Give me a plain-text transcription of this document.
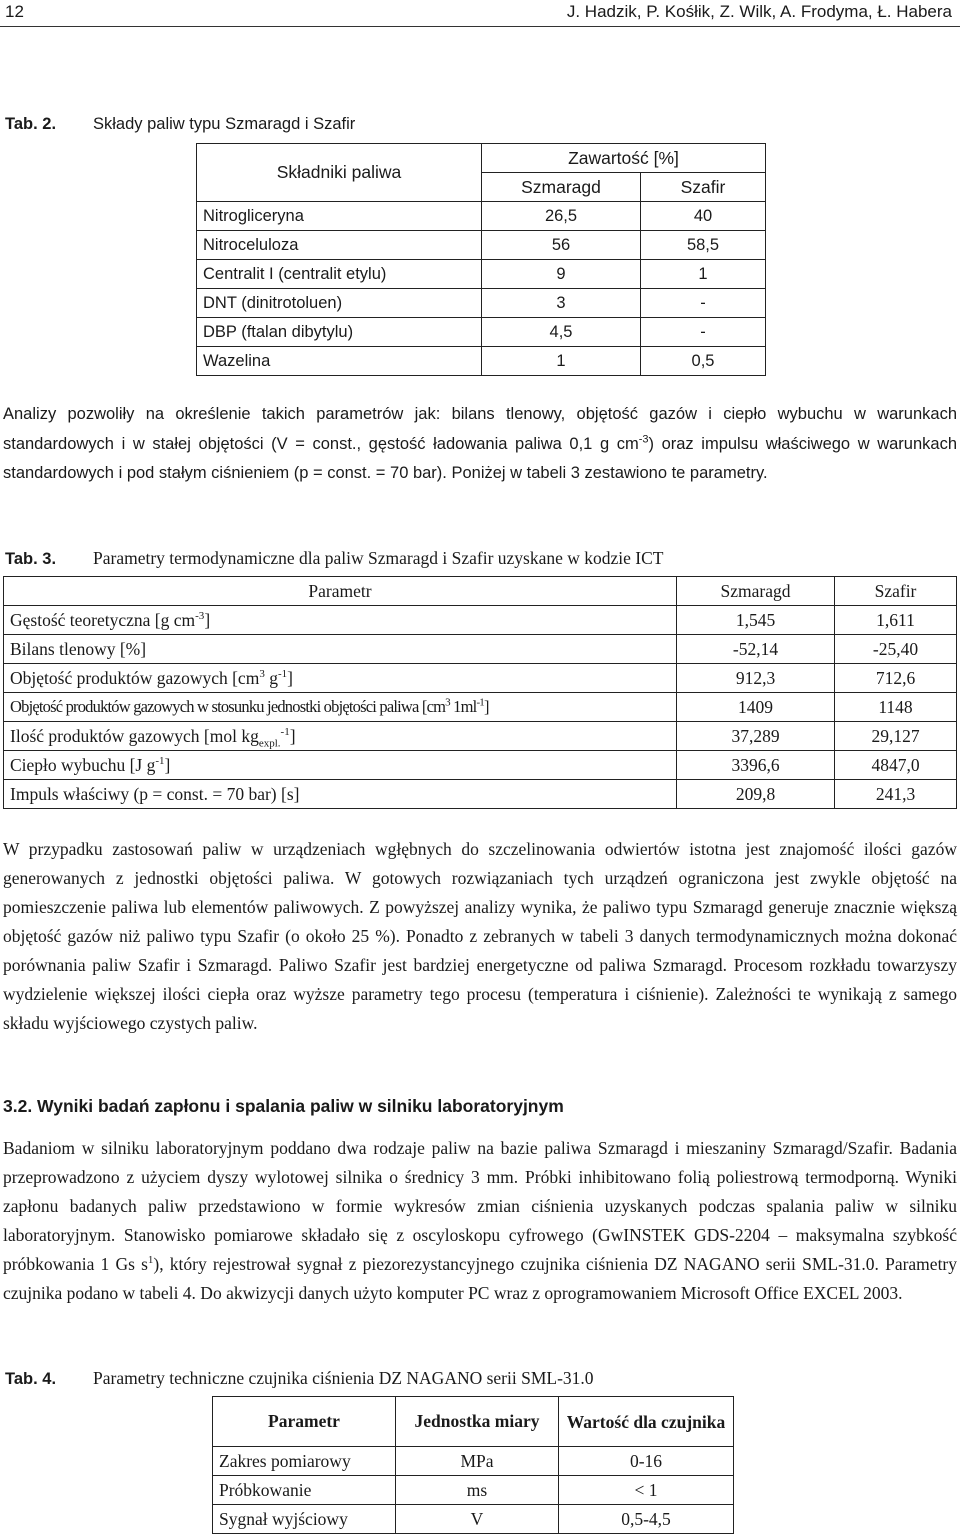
12	J. Hadzik, P. Kośłik, Z. Wilk, A. Frodyma, Ł. Habera
Tab. 2. Składy paliw typu Szmaragd i Szafir
Składniki paliwa	Zawartość [%]	
	Szmaragd	Szafir
Nitrogliceryna	26,5	40
Nitroceluloza	56	58,5
Centralit I (centralit etylu)	9	1
DNT (dinitrotoluen)	3	-
DBP (ftalan dibytylu)	4,5	-
Wazelina	1	0,5

Analizy pozwoliły na określenie takich parametrów jak: bilans tlenowy, objętość gazów i ciepło wybuchu w warunkach standardowych i w stałej objętości (V = const., gęstość ładowania paliwa 0,1 g $cm^{-3}$) oraz impulsu właściwego w warunkach standardowych i pod stałym ciśnieniem (p = const. = 70 bar). Poniżej w tabeli 3 zestawiono te parametry.

Tab. 3. Parametry termodynamiczne dla paliw Szmaragd i Szafir uzyskane w kodzie ICT
Parametr	Szmaragd	Szafir
Gęstość teoretyczna [g $cm^{-3}$]	1,545	1,611
Bilans tlenowy [%]	-52,14	-25,40
Objętość produktów gazowych [$cm^3$ $g^{-1}$]	912,3	712,6
Objętość produktów gazowych w stosunku jednostki objętości paliwa [$cm^3$ $1ml^{-1}$]	1409	1148
Ilość produktów gazowych [mol $kg_{expl.}^{-1}$]	37,289	29,127
Ciepło wybuchu [J $g^{-1}$]	3396,6	4847,0
Impuls właściwy (p = const. = 70 bar) [s]	209,8	241,3

W przypadku zastosowań paliw w urządzeniach wgłębnych do szczelinowania odwiertów istotna jest znajomość ilości gazów generowanych z jednostki objętości paliwa. W gotowych rozwiązaniach tych urządzeń ograniczona jest zwykle objętość na pomieszczenie paliwa lub elementów paliwowych. Z powyższej analizy wynika, że paliwo typu Szmaragd generuje znacznie większą objętość gazów niż paliwo typu Szafir (o około 25 %). Ponadto z zebranych w tabeli 3 danych termodynamicznych można dokonać porównania paliw Szafir i Szmaragd. Paliwo Szafir jest bardziej energetyczne od paliwa Szmaragd. Procesom rozkładu towarzyszy wydzielenie większej ilości ciepła oraz wyższe parametry tego procesu (temperatura i ciśnienie). Zależności te wynikają z samego składu wyjściowego czystych paliw.

3.2. Wyniki badań zapłonu i spalania paliw w silniku laboratoryjnym

Badaniom w silniku laboratoryjnym poddano dwa rodzaje paliw na bazie paliwa Szmaragd i mieszaniny Szmaragd/Szafir. Badania przeprowadzono z użyciem dyszy wylotowej silnika o średnicy 3 mm. Próbki inhibitowano folią poliestrową termodporną. Wyniki zapłonu badanych paliw przedstawiono w formie wykresów zmian ciśnienia uzyskanych podczas spalania paliw w silniku laboratoryjnym. Stanowisko pomiarowe składało się z oscyloskopu cyfrowego (GwINSTEK GDS-2204 – maksymalna szybkość próbkowania 1 Gs $s^1$), który rejestrował sygnał z piezorezystancyjnego czujnika ciśnienia DZ NAGANO serii SML-31.0. Parametry czujnika podano w tabeli 4. Do akwizycji danych użyto komputer PC wraz z oprogramowaniem Microsoft Office EXCEL 2003.

Tab. 4. Parametry techniczne czujnika ciśnienia DZ NAGANO serii SML-31.0
Parametr	Jednostka miary	Wartość dla czujnika
Zakres pomiarowy	MPa	0-16
Próbkowanie	ms	< 1
Sygnał wyjściowy	V	0,5-4,5
